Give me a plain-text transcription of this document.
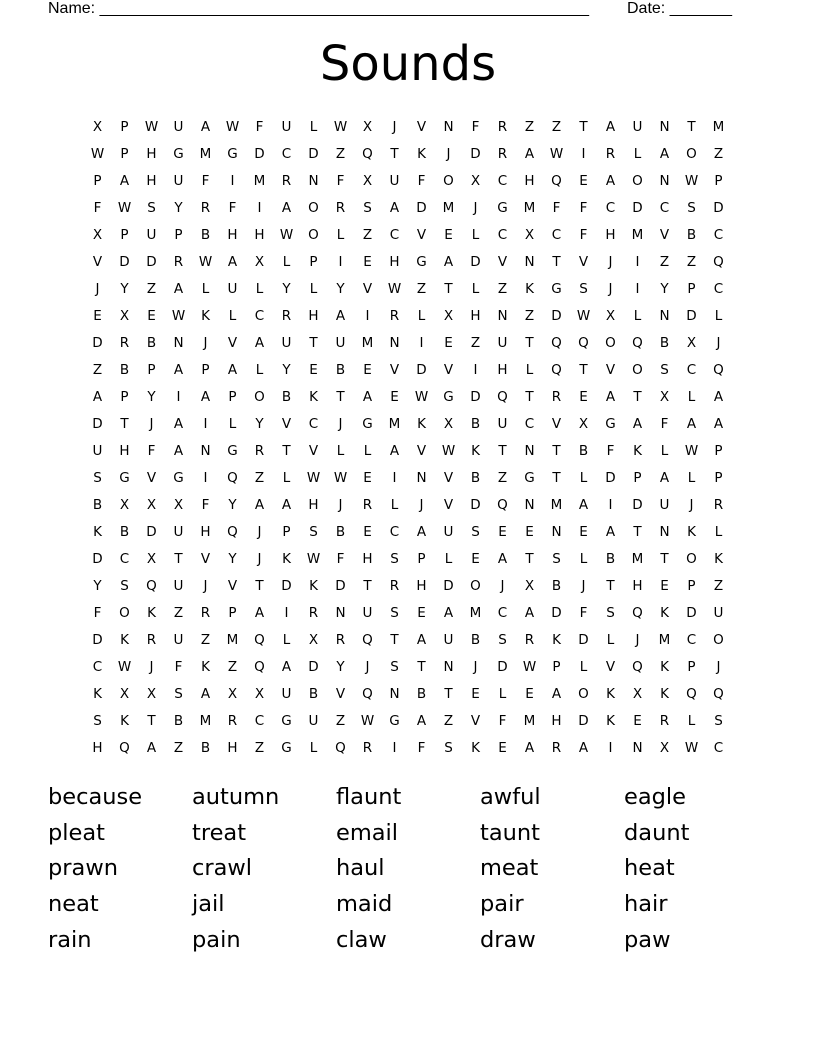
Name: _______________________________________________________ Date: _______
Sounds
X	P	W	U	A	W	F	U	L	W	X	J	V	N	F	R	Z	Z	T	A	U	N	T	M
W	P	H	G	M	G	D	C	D	Z	Q	T	K	J	D	R	A	W	I	R	L	A	O	Z
P	A	H	U	F	I	M	R	N	F	X	U	F	O	X	C	H	Q	E	A	O	N	W	P
F	W	S	Y	R	F	I	A	O	R	S	A	D	M	J	G	M	F	F	C	D	C	S	D
X	P	U	P	B	H	H	W	O	L	Z	C	V	E	L	C	X	C	F	H	M	V	B	C
V	D	D	R	W	A	X	L	P	I	E	H	G	A	D	V	N	T	V	J	I	Z	Z	Q
J	Y	Z	A	L	U	L	Y	L	Y	V	W	Z	T	L	Z	K	G	S	J	I	Y	P	C
E	X	E	W	K	L	C	R	H	A	I	R	L	X	H	N	Z	D	W	X	L	N	D	L
D	R	B	N	J	V	A	U	T	U	M	N	I	E	Z	U	T	Q	Q	O	Q	B	X	J
Z	B	P	A	P	A	L	Y	E	B	E	V	D	V	I	H	L	Q	T	V	O	S	C	Q
A	P	Y	I	A	P	O	B	K	T	A	E	W	G	D	Q	T	R	E	A	T	X	L	A
D	T	J	A	I	L	Y	V	C	J	G	M	K	X	B	U	C	V	X	G	A	F	A	A
U	H	F	A	N	G	R	T	V	L	L	A	V	W	K	T	N	T	B	F	K	L	W	P
S	G	V	G	I	Q	Z	L	W	W	E	I	N	V	B	Z	G	T	L	D	P	A	L	P
B	X	X	X	F	Y	A	A	H	J	R	L	J	V	D	Q	N	M	A	I	D	U	J	R
K	B	D	U	H	Q	J	P	S	B	E	C	A	U	S	E	E	N	E	A	T	N	K	L
D	C	X	T	V	Y	J	K	W	F	H	S	P	L	E	A	T	S	L	B	M	T	O	K
Y	S	Q	U	J	V	T	D	K	D	T	R	H	D	O	J	X	B	J	T	H	E	P	Z
F	O	K	Z	R	P	A	I	R	N	U	S	E	A	M	C	A	D	F	S	Q	K	D	U
D	K	R	U	Z	M	Q	L	X	R	Q	T	A	U	B	S	R	K	D	L	J	M	C	O
C	W	J	F	K	Z	Q	A	D	Y	J	S	T	N	J	D	W	P	L	V	Q	K	P	J
K	X	X	S	A	X	X	U	B	V	Q	N	B	T	E	L	E	A	O	K	X	K	Q	Q
S	K	T	B	M	R	C	G	U	Z	W	G	A	Z	V	F	M	H	D	K	E	R	L	S
H	Q	A	Z	B	H	Z	G	L	Q	R	I	F	S	K	E	A	R	A	I	N	X	W	C
because	autumn	flaunt	awful	eagle
pleat	treat	email	taunt	daunt
prawn	crawl	haul	meat	heat
neat	jail	maid	pair	hair
rain	pain	claw	draw	paw
